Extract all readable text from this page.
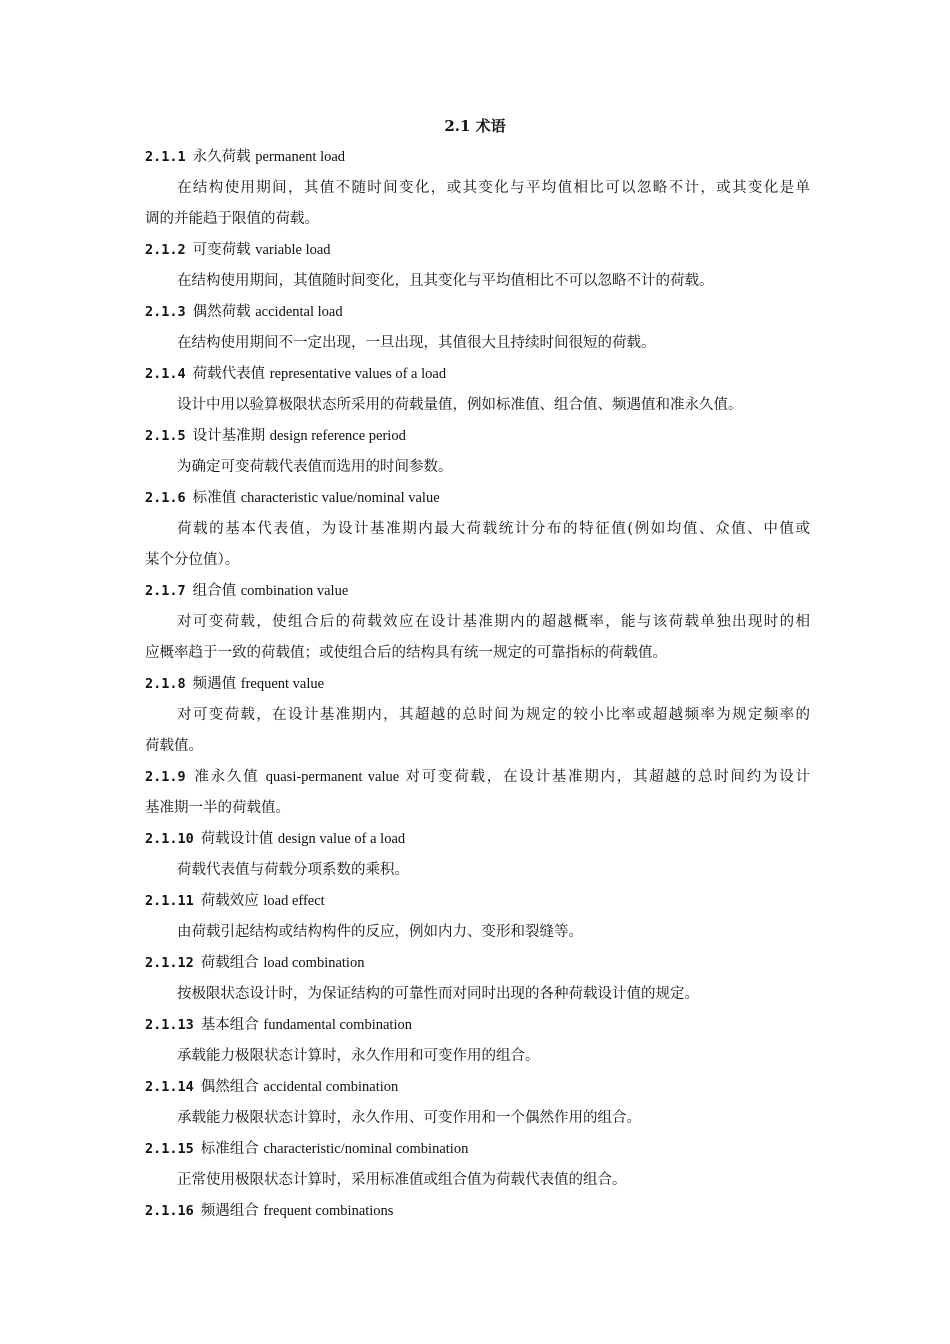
2.1 术语
2.1.1 永久荷载 permanent load
在结构使用期间，其值不随时间变化，或其变化与平均值相比可以忽略不计，或其变化是单
调的并能趋于限值的荷载。
2.1.2 可变荷载 variable load
在结构使用期间，其值随时间变化，且其变化与平均值相比不可以忽略不计的荷载。
2.1.3 偶然荷载 accidental load
在结构使用期间不一定出现，一旦出现，其值很大且持续时间很短的荷载。
2.1.4 荷载代表值 representative values of a load
设计中用以验算极限状态所采用的荷载量值，例如标准值、组合值、频遇值和准永久值。
2.1.5 设计基准期 design reference period
为确定可变荷载代表值而选用的时间参数。
2.1.6 标准值 characteristic value/nominal value
荷载的基本代表值，为设计基准期内最大荷载统计分布的特征值(例如均值、众值、中值或
某个分位值）。
2.1.7 组合值 combination value
对可变荷载，使组合后的荷载效应在设计基准期内的超越概率，能与该荷载单独出现时的相
应概率趋于一致的荷载值；或使组合后的结构具有统一规定的可靠指标的荷载值。
2.1.8 频遇值 frequent value
对可变荷载，在设计基准期内，其超越的总时间为规定的较小比率或超越频率为规定频率的
荷载值。
2.1.9 准永久值 quasi-permanent value 对可变荷载，在设计基准期内，其超越的总时间约为设计
基准期一半的荷载值。
2.1.10 荷载设计值 design value of a load
荷载代表值与荷载分项系数的乘积。
2.1.11 荷载效应 load effect
由荷载引起结构或结构构件的反应，例如内力、变形和裂缝等。
2.1.12 荷载组合 load combination
按极限状态设计时，为保证结构的可靠性而对同时出现的各种荷载设计值的规定。
2.1.13 基本组合 fundamental combination
承载能力极限状态计算时，永久作用和可变作用的组合。
2.1.14 偶然组合 accidental combination
承载能力极限状态计算时，永久作用、可变作用和一个偶然作用的组合。
2.1.15 标准组合 characteristic/nominal combination
正常使用极限状态计算时，采用标准值或组合值为荷载代表值的组合。
2.1.16 频遇组合 frequent combinations
